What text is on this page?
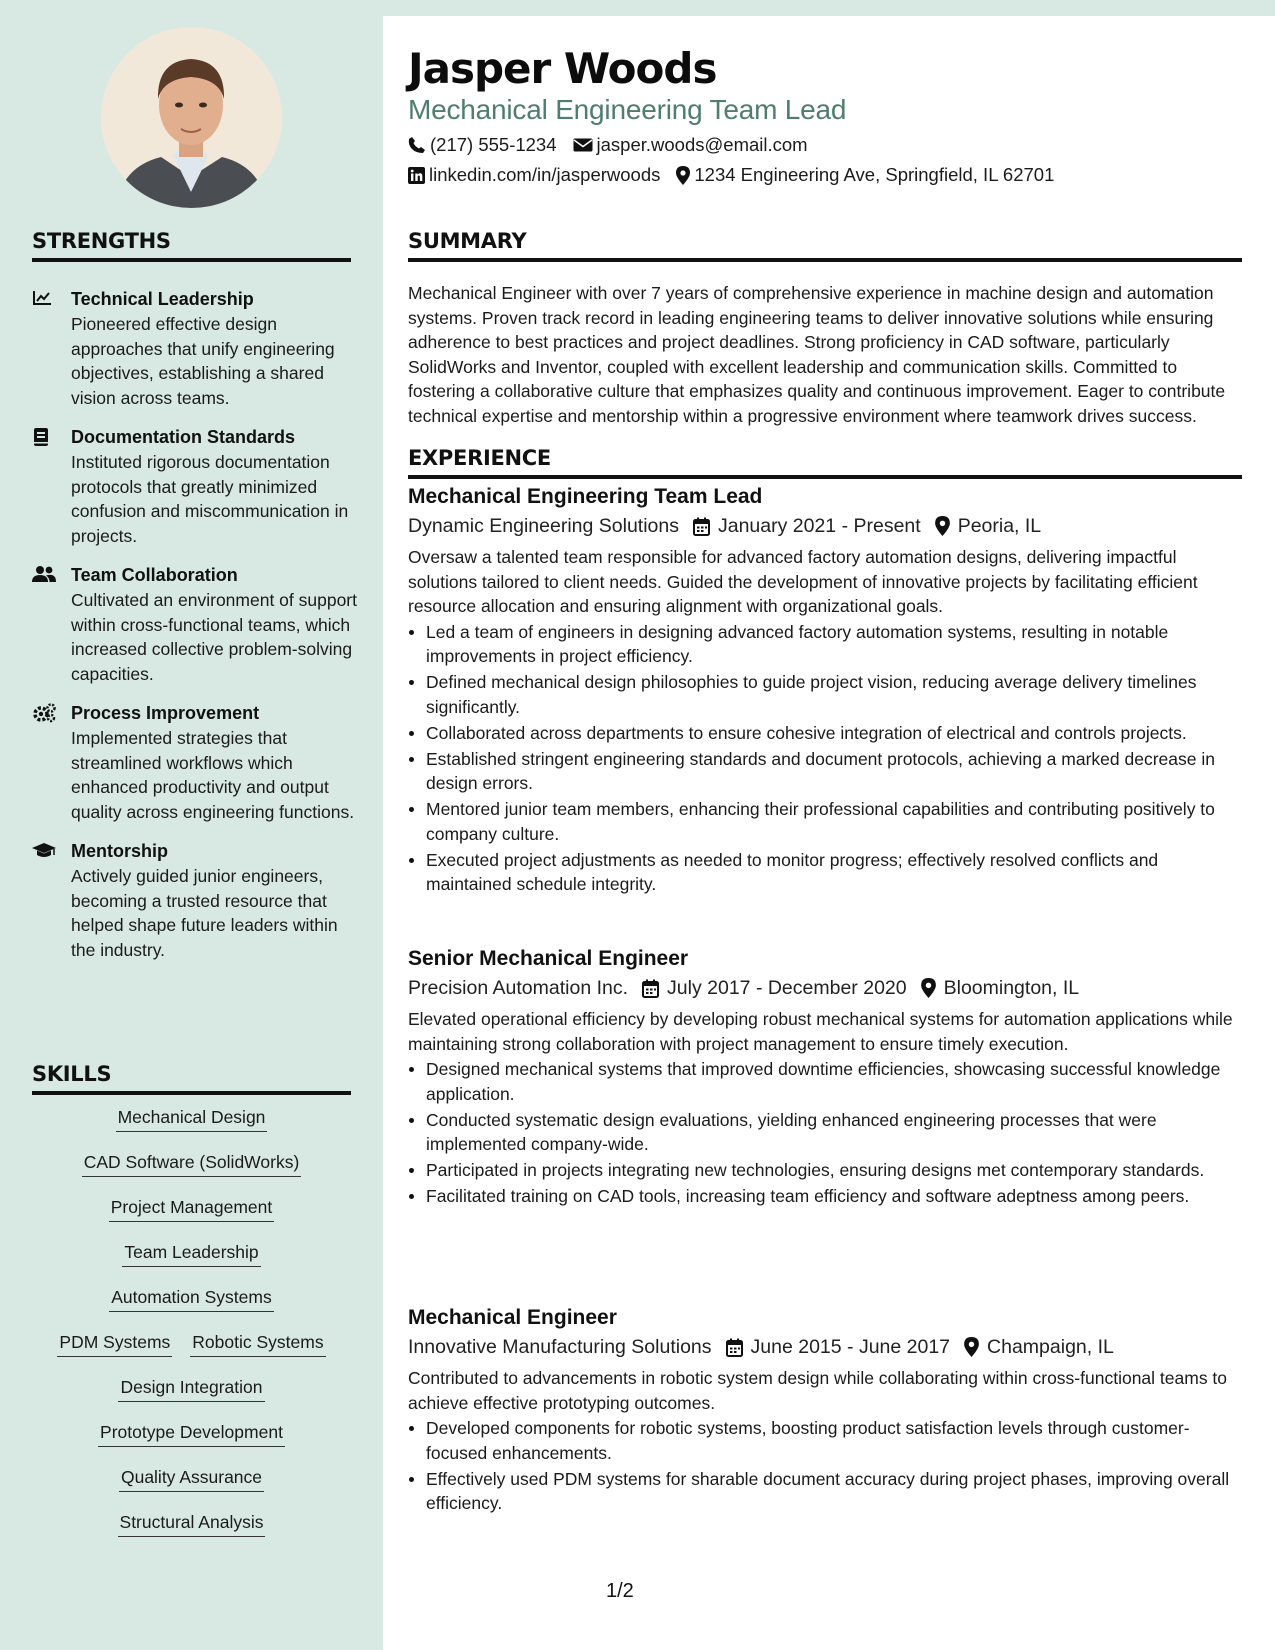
STRENGTHS
Technical Leadership
Pioneered effective design approaches that unify engineering objectives, establishing a shared vision across teams.
Documentation Standards
Instituted rigorous documentation protocols that greatly minimized confusion and miscommunication in projects.
Team Collaboration
Cultivated an environment of support within cross-functional teams, which increased collective problem-solving capacities.
Process Improvement
Implemented strategies that streamlined workflows which enhanced productivity and output quality across engineering functions.
Mentorship
Actively guided junior engineers, becoming a trusted resource that helped shape future leaders within the industry.
SKILLS
Mechanical Design
CAD Software (SolidWorks)
Project Management
Team Leadership
Automation Systems
PDM Systems Robotic Systems
Design Integration
Prototype Development
Quality Assurance
Structural Analysis
Jasper Woods
Mechanical Engineering Team Lead
(217) 555-1234 jasper.woods@email.com
linkedin.com/in/jasperwoods 1234 Engineering Ave, Springfield, IL 62701
SUMMARY
Mechanical Engineer with over 7 years of comprehensive experience in machine design and automation systems. Proven track record in leading engineering teams to deliver innovative solutions while ensuring adherence to best practices and project deadlines. Strong proficiency in CAD software, particularly SolidWorks and Inventor, coupled with excellent leadership and communication skills. Committed to fostering a collaborative culture that emphasizes quality and continuous improvement. Eager to contribute technical expertise and mentorship within a progressive environment where teamwork drives success.
EXPERIENCE
Mechanical Engineering Team Lead
Dynamic Engineering Solutions January 2021 - Present Peoria, IL
Oversaw a talented team responsible for advanced factory automation designs, delivering impactful solutions tailored to client needs. Guided the development of innovative projects by facilitating efficient resource allocation and ensuring alignment with organizational goals.
Led a team of engineers in designing advanced factory automation systems, resulting in notable improvements in project efficiency.
Defined mechanical design philosophies to guide project vision, reducing average delivery timelines significantly.
Collaborated across departments to ensure cohesive integration of electrical and controls projects.
Established stringent engineering standards and document protocols, achieving a marked decrease in design errors.
Mentored junior team members, enhancing their professional capabilities and contributing positively to company culture.
Executed project adjustments as needed to monitor progress; effectively resolved conflicts and maintained schedule integrity.
Senior Mechanical Engineer
Precision Automation Inc. July 2017 - December 2020 Bloomington, IL
Elevated operational efficiency by developing robust mechanical systems for automation applications while maintaining strong collaboration with project management to ensure timely execution.
Designed mechanical systems that improved downtime efficiencies, showcasing successful knowledge application.
Conducted systematic design evaluations, yielding enhanced engineering processes that were implemented company-wide.
Participated in projects integrating new technologies, ensuring designs met contemporary standards.
Facilitated training on CAD tools, increasing team efficiency and software adeptness among peers.
Mechanical Engineer
Innovative Manufacturing Solutions June 2015 - June 2017 Champaign, IL
Contributed to advancements in robotic system design while collaborating within cross-functional teams to achieve effective prototyping outcomes.
Developed components for robotic systems, boosting product satisfaction levels through customer-focused enhancements.
Effectively used PDM systems for sharable document accuracy during project phases, improving overall efficiency.
1/2
